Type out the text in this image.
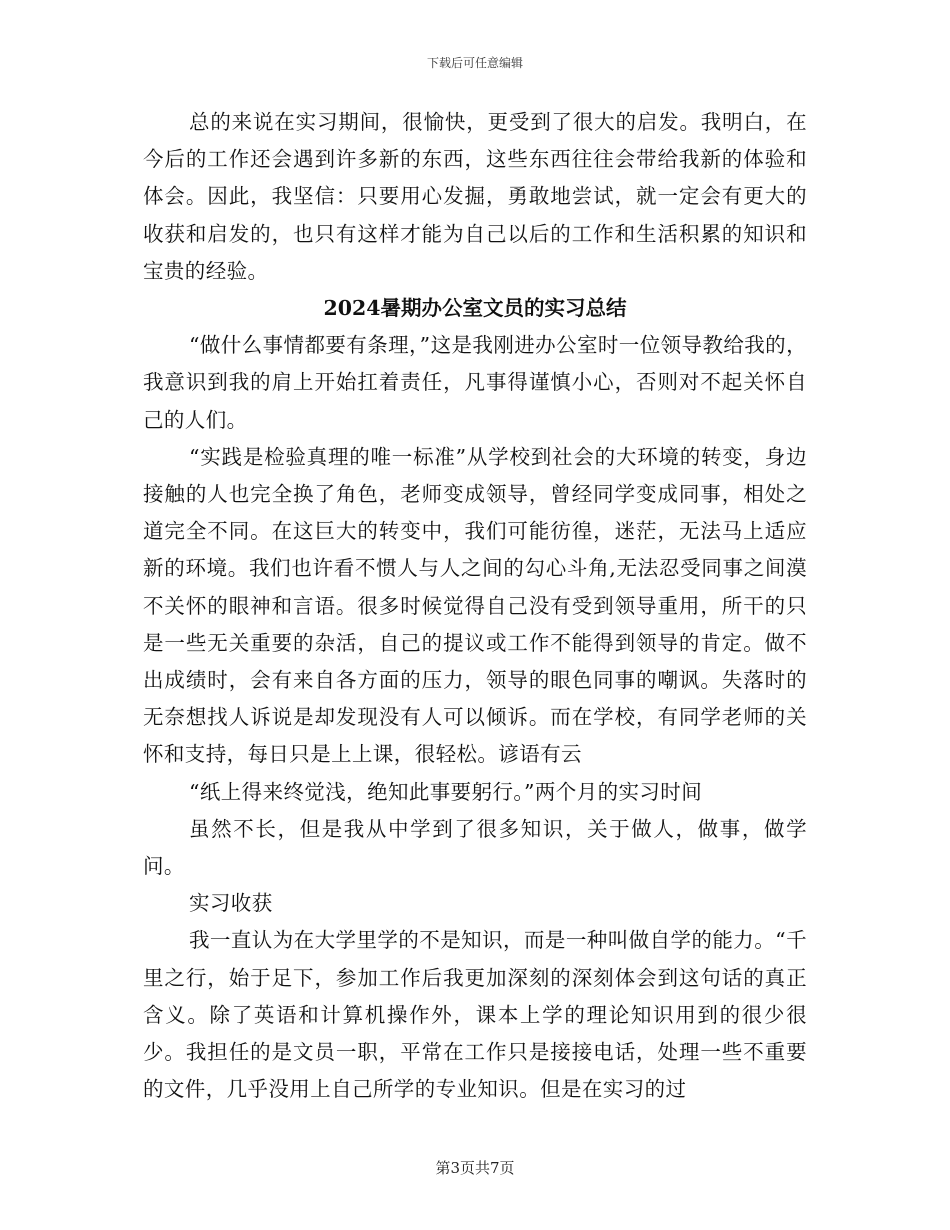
下载后可任意编辑

总的来说在实习期间，很愉快，更受到了很大的启发。我明白，在今后的工作还会遇到许多新的东西，这些东西往往会带给我新的体验和体会。因此，我坚信：只要用心发掘，勇敢地尝试，就一定会有更大的收获和启发的，也只有这样才能为自己以后的工作和生活积累的知识和宝贵的经验。

2024暑期办公室文员的实习总结

“做什么事情都要有条理，”这是我刚进办公室时一位领导教给我的，我意识到我的肩上开始扛着责任，凡事得谨慎小心，否则对不起关怀自己的人们。

“实践是检验真理的唯一标准”从学校到社会的大环境的转变，身边接触的人也完全换了角色，老师变成领导，曾经同学变成同事，相处之道完全不同。在这巨大的转变中，我们可能彷徨，迷茫，无法马上适应新的环境。我们也许看不惯人与人之间的勾心斗角,无法忍受同事之间漠不关怀的眼神和言语。很多时候觉得自己没有受到领导重用，所干的只是一些无关重要的杂活，自己的提议或工作不能得到领导的肯定。做不出成绩时，会有来自各方面的压力，领导的眼色同事的嘲讽。失落时的无奈想找人诉说是却发现没有人可以倾诉。而在学校，有同学老师的关怀和支持，每日只是上上课，很轻松。谚语有云

“纸上得来终觉浅，绝知此事要躬行。”两个月的实习时间

虽然不长，但是我从中学到了很多知识，关于做人，做事，做学问。

实习收获

我一直认为在大学里学的不是知识，而是一种叫做自学的能力。“千里之行，始于足下，参加工作后我更加深刻的深刻体会到这句话的真正含义。除了英语和计算机操作外，课本上学的理论知识用到的很少很少。我担任的是文员一职，平常在工作只是接接电话，处理一些不重要的文件，几乎没用上自己所学的专业知识。但是在实习的过

第3页共7页
